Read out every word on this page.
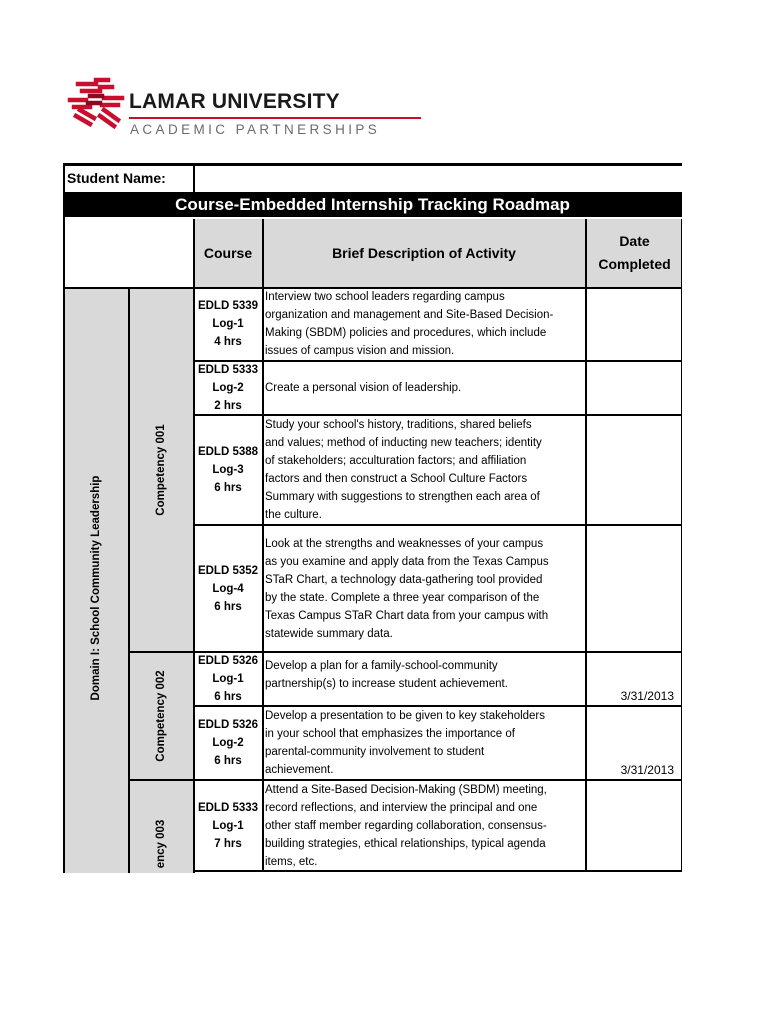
LAMAR UNIVERSITY
ACADEMIC PARTNERSHIPS
Student Name:
Course-Embedded Internship Tracking Roadmap
Course	Brief Description of Activity
Date
Completed
Domain I: School Community Leadership
Competency 001
Competency 002
ency 003
EDLD 5339
Log-1
4 hrs
Interview two school leaders regarding campus
organization and management and Site-Based Decision-
Making (SBDM) policies and procedures, which include
issues of campus vision and mission.
EDLD 5333
Log-2
2 hrs
Create a personal vision of leadership.
EDLD 5388
Log-3
6 hrs
Study your school's history, traditions, shared beliefs
and values; method of inducting new teachers; identity
of stakeholders; acculturation factors; and affiliation
factors and then construct a School Culture Factors
Summary with suggestions to strengthen each area of
the culture.
EDLD 5352
Log-4
6 hrs
Look at the strengths and weaknesses of your campus
as you examine and apply data from the Texas Campus
STaR Chart, a technology data-gathering tool provided
by the state. Complete a three year comparison of the
Texas Campus STaR Chart data from your campus with
statewide summary data.
EDLD 5326
Log-1
6 hrs
Develop a plan for a family-school-community
partnership(s) to increase student achievement.
3/31/2013
EDLD 5326
Log-2
6 hrs
Develop a presentation to be given to key stakeholders
in your school that emphasizes the importance of
parental-community involvement to student
achievement.	3/31/2013
EDLD 5333
Log-1
7 hrs
Attend a Site-Based Decision-Making (SBDM) meeting,
record reflections, and interview the principal and one
other staff member regarding collaboration, consensus-
building strategies, ethical relationships, typical agenda
items, etc.
